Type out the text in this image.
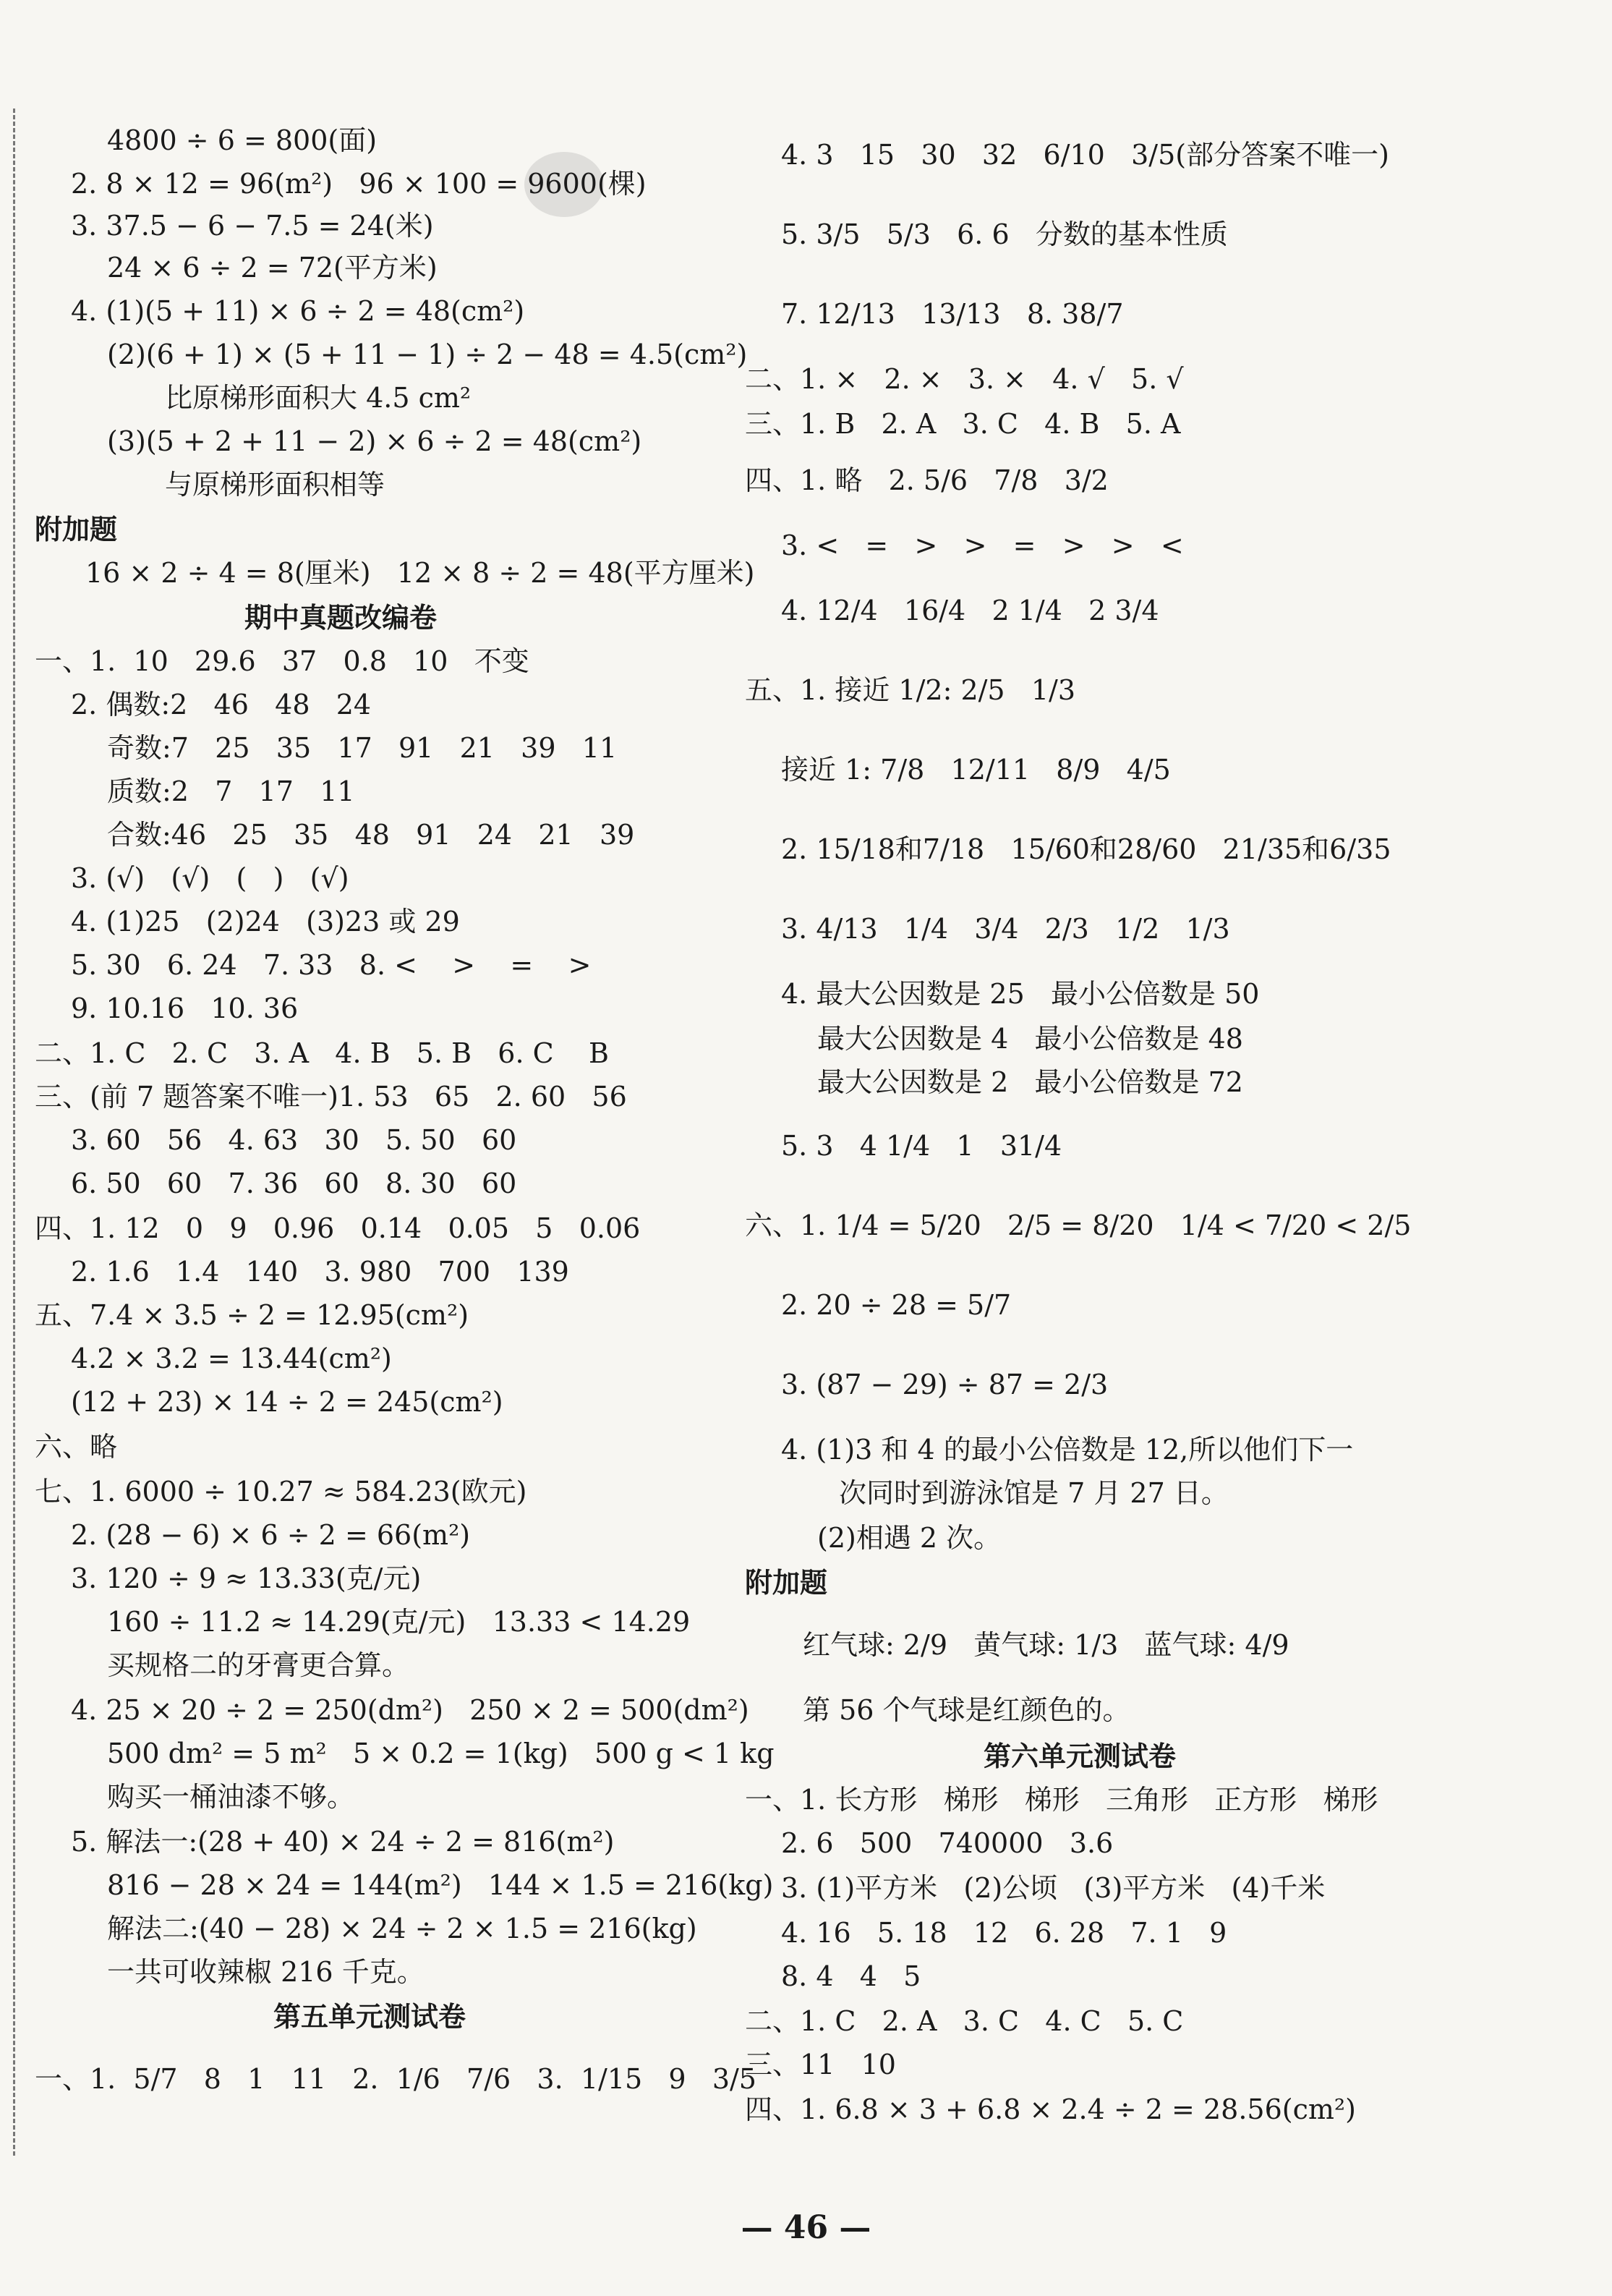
4800 ÷ 6 = 800(面)
2. 8 × 12 = 96(m²)   96 × 100 = 9600(棵)
3. 37.5 − 6 − 7.5 = 24(米)
24 × 6 ÷ 2 = 72(平方米)
4. (1)(5 + 11) × 6 ÷ 2 = 48(cm²)
(2)(6 + 1) × (5 + 11 − 1) ÷ 2 − 48 = 4.5(cm²)
比原梯形面积大 4.5 cm²
(3)(5 + 2 + 11 − 2) × 6 ÷ 2 = 48(cm²)
与原梯形面积相等
附加题
16 × 2 ÷ 4 = 8(厘米)   12 × 8 ÷ 2 = 48(平方厘米)
期中真题改编卷
一、1.  10   29.6   37   0.8   10   不变
2. 偶数:2   46   48   24
奇数:7   25   35   17   91   21   39   11
质数:2   7   17   11
合数:46   25   35   48   91   24   21   39
3. (√)   (√)   (   )   (√)
4. (1)25   (2)24   (3)23 或 29
5. 30   6. 24   7. 33   8. <    >    =    >
9. 10.16   10. 36
二、1. C   2. C   3. A   4. B   5. B   6. C    B
三、(前 7 题答案不唯一)1. 53   65   2. 60   56
3. 60   56   4. 63   30   5. 50   60
6. 50   60   7. 36   60   8. 30   60
四、1. 12   0   9   0.96   0.14   0.05   5   0.06
2. 1.6   1.4   140   3. 980   700   139
五、7.4 × 3.5 ÷ 2 = 12.95(cm²)
4.2 × 3.2 = 13.44(cm²)
(12 + 23) × 14 ÷ 2 = 245(cm²)
六、略
七、1. 6000 ÷ 10.27 ≈ 584.23(欧元)
2. (28 − 6) × 6 ÷ 2 = 66(m²)
3. 120 ÷ 9 ≈ 13.33(克/元)
160 ÷ 11.2 ≈ 14.29(克/元)   13.33 < 14.29
买规格二的牙膏更合算。
4. 25 × 20 ÷ 2 = 250(dm²)   250 × 2 = 500(dm²)
500 dm² = 5 m²   5 × 0.2 = 1(kg)   500 g < 1 kg
购买一桶油漆不够。
5. 解法一:(28 + 40) × 24 ÷ 2 = 816(m²)
816 − 28 × 24 = 144(m²)   144 × 1.5 = 216(kg)
解法二:(40 − 28) × 24 ÷ 2 × 1.5 = 216(kg)
一共可收辣椒 216 千克。
第五单元测试卷
一、1.  5/7   8   1   11   2.  1/6   7/6   3.  1/15   9   3/5
4. 3   15   30   32   6/10   3/5(部分答案不唯一)
5. 3/5   5/3   6. 6   分数的基本性质
7. 12/13   13/13   8. 38/7
二、1. ×   2. ×   3. ×   4. √   5. √
三、1. B   2. A   3. C   4. B   5. A
四、1. 略   2. 5/6   7/8   3/2
3. <   =   >   >   =   >   >   <
4. 12/4   16/4   2 1/4   2 3/4
五、1. 接近 1/2: 2/5   1/3
接近 1: 7/8   12/11   8/9   4/5
2. 15/18和7/18   15/60和28/60   21/35和6/35
3. 4/13   1/4   3/4   2/3   1/2   1/3
4. 最大公因数是 25   最小公倍数是 50
最大公因数是 4   最小公倍数是 48
最大公因数是 2   最小公倍数是 72
5. 3   4 1/4   1   31/4
六、1. 1/4 = 5/20   2/5 = 8/20   1/4 < 7/20 < 2/5
2. 20 ÷ 28 = 5/7
3. (87 − 29) ÷ 87 = 2/3
4. (1)3 和 4 的最小公倍数是 12,所以他们下一
次同时到游泳馆是 7 月 27 日。
(2)相遇 2 次。
附加题
红气球: 2/9   黄气球: 1/3   蓝气球: 4/9
第 56 个气球是红颜色的。
第六单元测试卷
一、1. 长方形   梯形   梯形   三角形   正方形   梯形
2. 6   500   740000   3.6
3. (1)平方米   (2)公顷   (3)平方米   (4)千米
4. 16   5. 18   12   6. 28   7. 1   9
8. 4   4   5
二、1. C   2. A   3. C   4. C   5. C
三、11   10
四、1. 6.8 × 3 + 6.8 × 2.4 ÷ 2 = 28.56(cm²)
— 46 —
